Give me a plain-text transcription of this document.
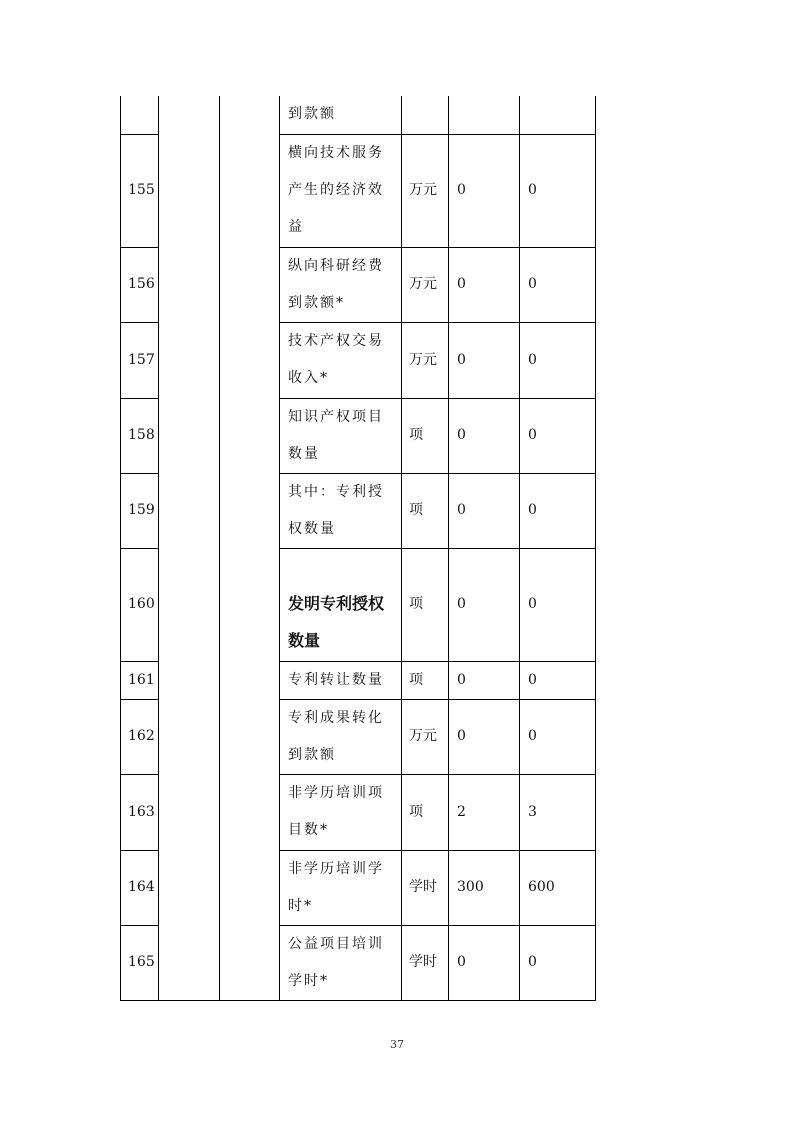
			到款额			
155			横向技术服务产生的经济效益	万元	0	0
156			纵向科研经费到款额*	万元	0	0
157			技术产权交易收入*	万元	0	0
158			知识产权项目数量	项	0	0
159			其中：专利授权数量	项	0	0
160			发明专利授权数量	项	0	0
161			专利转让数量	项	0	0
162			专利成果转化到款额	万元	0	0
163			非学历培训项目数*	项	2	3
164			非学历培训学时*	学时	300	600
165			公益项目培训学时*	学时	0	0
37
